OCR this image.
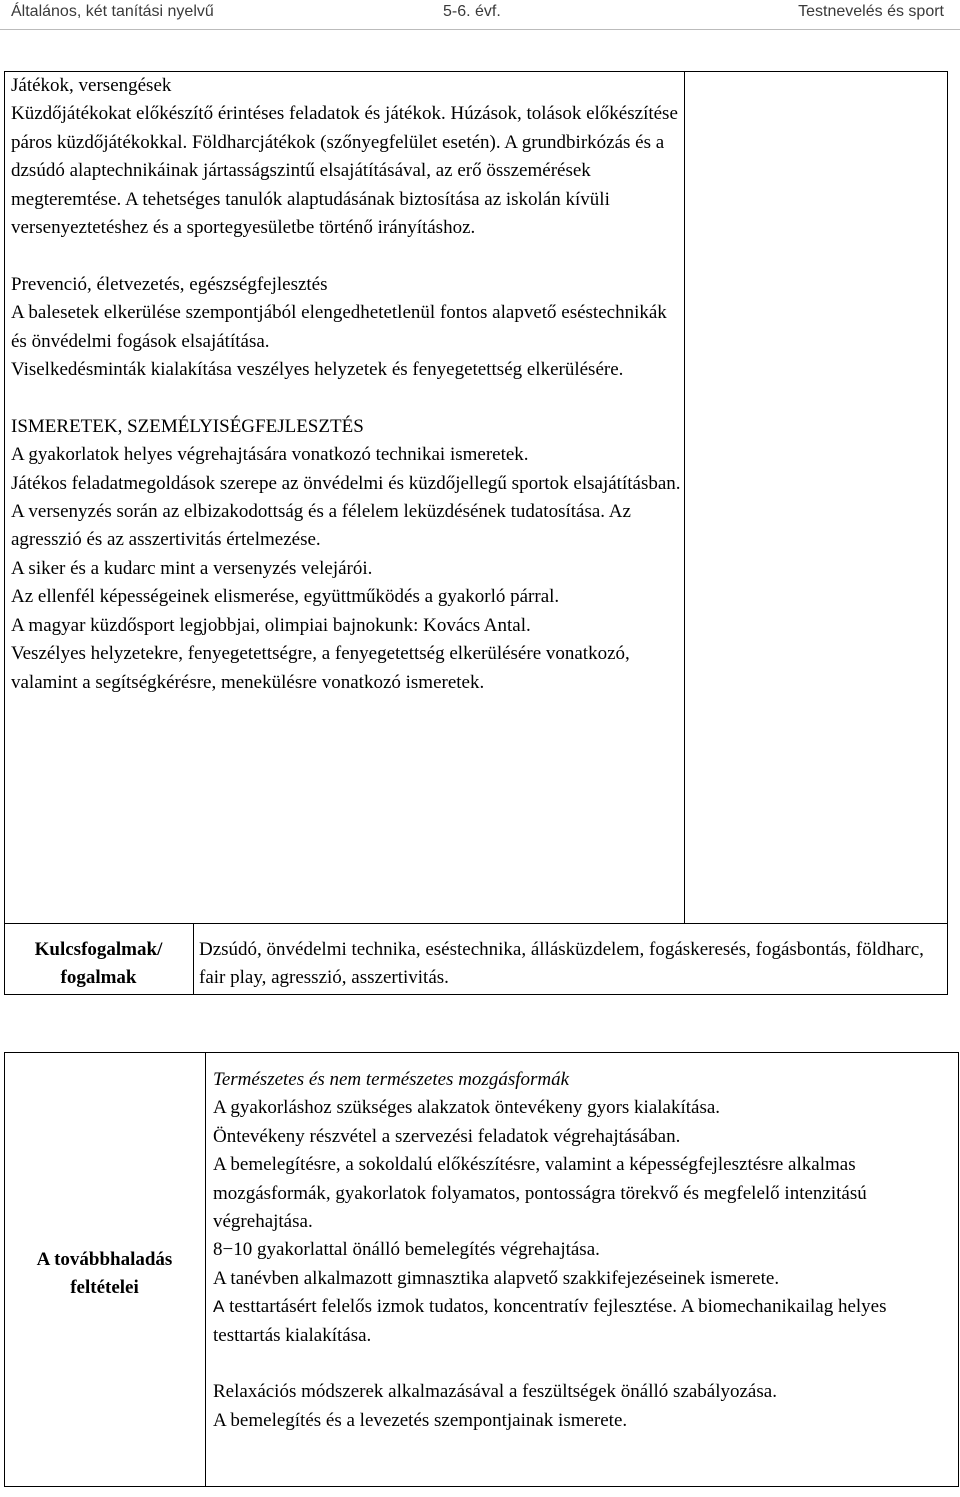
Általános, két tanítási nyelvű	5-6. évf.	Testnevelés és sport

Játékok, versengések

Küzdőjátékokat előkészítő érintéses feladatok és játékok. Húzások, tolások előkészítése páros küzdőjátékokkal. Földharcjátékok (szőnyegfelület esetén). A grundbirkózás és a dzsúdó alaptechnikáinak jártasságszintű elsajátításával, az erő összemérések megteremtése. A tehetséges tanulók alaptudásának biztosítása az iskolán kívüli versenyeztetéshez és a sportegyesületbe történő irányításhoz.

Prevenció, életvezetés, egészségfejlesztés

A balesetek elkerülése szempontjából elengedhetetlenül fontos alapvető eséstechnikák és önvédelmi fogások elsajátítása.

Viselkedésminták kialakítása veszélyes helyzetek és fenyegetettség elkerülésére.

ISMERETEK, SZEMÉLYISÉGFEJLESZTÉS

A gyakorlatok helyes végrehajtására vonatkozó technikai ismeretek.

Játékos feladatmegoldások szerepe az önvédelmi és küzdőjellegű sportok elsajátításban.

A versenyzés során az elbizakodottság és a félelem leküzdésének tudatosítása. Az agresszió és az asszertivitás értelmezése.

A siker és a kudarc mint a versenyzés velejárói.

Az ellenfél képességeinek elismerése, együttműködés a gyakorló párral.

A magyar küzdősport legjobbjai, olimpiai bajnokunk: Kovács Antal.

Veszélyes helyzetekre, fenyegetettségre, a fenyegetettség elkerülésére vonatkozó, valamint a segítségkérésre, menekülésre vonatkozó ismeretek.

Kulcsfogalmak/
fogalmak
Dzsúdó, önvédelmi technika, eséstechnika, állásküzdelem, fogáskeresés, fogásbontás, földharc, fair play, agresszió, asszertivitás.
A továbbhaladás
feltételei

Természetes és nem természetes mozgásformák

A gyakorláshoz szükséges alakzatok öntevékeny gyors kialakítása.

Öntevékeny részvétel a szervezési feladatok végrehajtásában.

A bemelegítésre, a sokoldalú előkészítésre, valamint a képességfejlesztésre alkalmas mozgásformák, gyakorlatok folyamatos, pontosságra törekvő és megfelelő intenzitású végrehajtása.

8−10 gyakorlattal önálló bemelegítés végrehajtása.

A tanévben alkalmazott gimnasztika alapvető szakkifejezéseinek ismerete.

A testtartásért felelős izmok tudatos, koncentratív fejlesztése. A biomechanikailag helyes testtartás kialakítása.

Relaxációs módszerek alkalmazásával a feszültségek önálló szabályozása.

A bemelegítés és a levezetés szempontjainak ismerete.
